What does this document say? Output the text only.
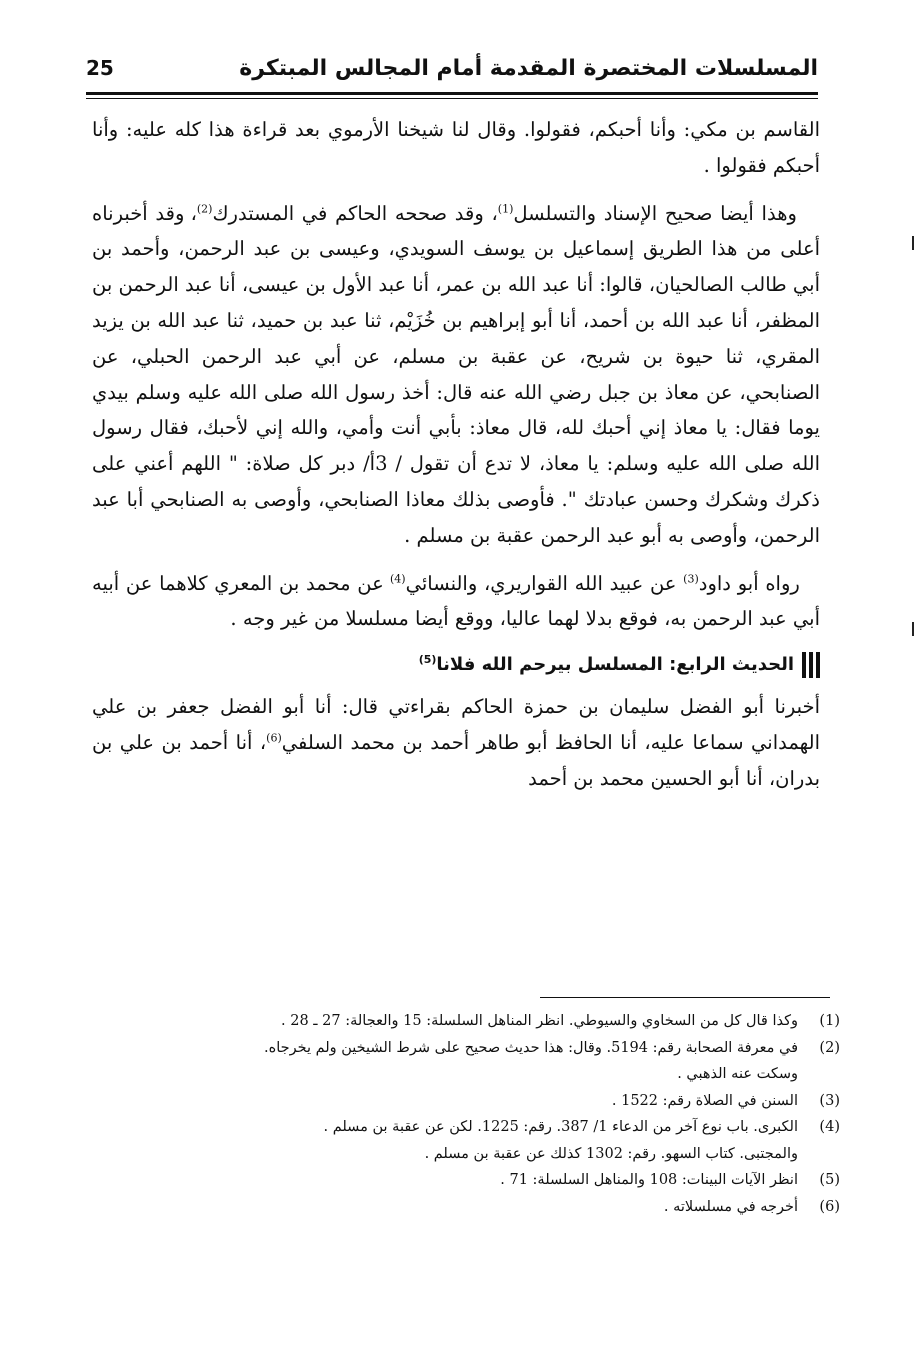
المسلسلات المختصرة المقدمة أمام المجالس المبتكرة
25

القاسم بن مكي: وأنا أحبكم، فقولوا. وقال لنا شيخنا الأرموي بعد قراءة هذا كله عليه: وأنا أحبكم فقولوا .

وهذا أيضا صحيح الإسناد والتسلسل$^{(1)}$، وقد صححه الحاكم في المستدرك$^{(2)}$، وقد أخبرناه أعلى من هذا الطريق إسماعيل بن يوسف السويدي، وعيسى بن عبد الرحمن، وأحمد بن أبي طالب الصالحيان، قالوا: أنا عبد الله بن عمر، أنا عبد الأول بن عيسى، أنا عبد الرحمن بن المظفر، أنا عبد الله بن أحمد، أنا أبو إبراهيم بن خُزَيْم، ثنا عبد بن حميد، ثنا عبد الله بن يزيد المقري، ثنا حيوة بن شريح، عن عقبة بن مسلم، عن أبي عبد الرحمن الحبلي، عن الصنابحي، عن معاذ بن جبل رضي الله عنه قال: أخذ رسول الله صلى الله عليه وسلم بيدي يوما فقال: يا معاذ إني أحبك لله، قال معاذ: بأبي أنت وأمي، والله إني لأحبك، فقال رسول الله صلى الله عليه وسلم: يا معاذ، لا تدع أن تقول / 3أ/ دبر كل صلاة: " اللهم أعني على ذكرك وشكرك وحسن عبادتك ". فأوصى بذلك معاذا الصنابحي، وأوصى به الصنابحي أبا عبد الرحمن، وأوصى به أبو عبد الرحمن عقبة بن مسلم .

رواه أبو داود$^{(3)}$ عن عبيد الله القواريري، والنسائي$^{(4)}$ عن محمد بن المعري كلاهما عن أبيه أبي عبد الرحمن به، فوقع بدلا لهما عاليا، ووقع أيضا مسلسلا من غير وجه .

الحديث الرابع: المسلسل بيرحم الله فلانا$^{(5)}$

أخبرنا أبو الفضل سليمان بن حمزة الحاكم بقراءتي قال: أنا أبو الفضل جعفر بن علي الهمداني سماعا عليه، أنا الحافظ أبو طاهر أحمد بن محمد السلفي$^{(6)}$، أنا أحمد بن علي بن بدران، أنا أبو الحسين محمد بن أحمد

(1)
وكذا قال كل من السخاوي والسيوطي. انظر المناهل السلسلة: 15 والعجالة: 27 ـ 28 .
(2)
في معرفة الصحابة رقم: 5194. وقال: هذا حديث صحيح على شرط الشيخين ولم يخرجاه.
وسكت عنه الذهبي .
(3)
السنن في الصلاة رقم: 1522 .
(4)
الكبرى. باب نوع آخر من الدعاء 1/ 387. رقم: 1225. لكن عن عقبة بن مسلم .
والمجتبى. كتاب السهو. رقم: 1302 كذلك عن عقبة بن مسلم .
(5)
انظر الآيات البينات: 108 والمناهل السلسلة: 71 .
(6)
أخرجه في مسلسلاته .
